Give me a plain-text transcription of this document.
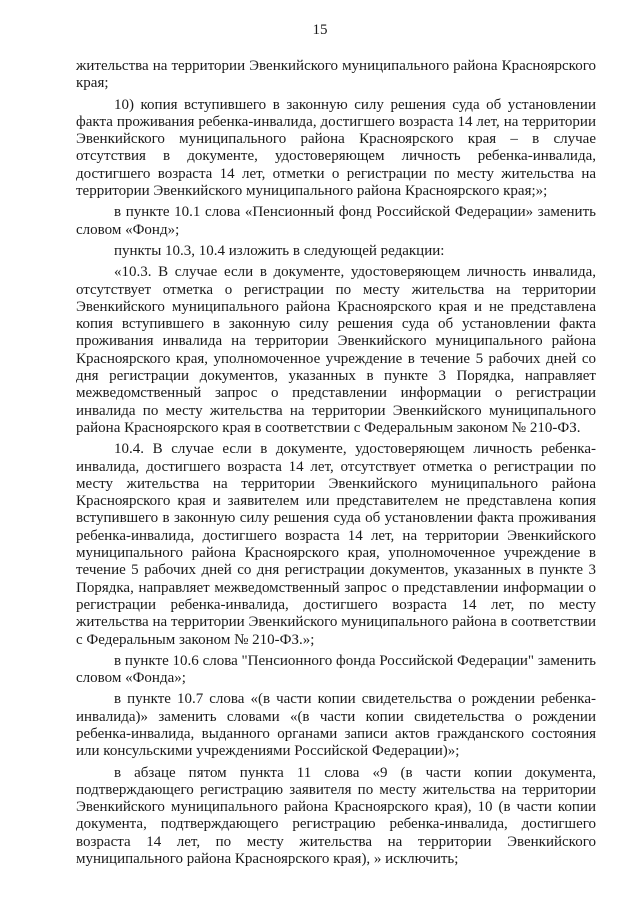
15

жительства на территории Эвенкийского муниципального района Красноярского края;

10) копия вступившего в законную силу решения суда об установлении факта проживания ребенка-инвалида, достигшего возраста 14 лет, на территории Эвенкийского муниципального района Красноярского края – в случае отсутствия в документе, удостоверяющем личность ребенка-инвалида, достигшего возраста 14 лет, отметки о регистрации по месту жительства на территории Эвенкийского муниципального района Красноярского края;»;

в пункте 10.1 слова «Пенсионный фонд Российской Федерации» заменить словом «Фонд»;

пункты 10.3, 10.4 изложить в следующей редакции:

«10.3. В случае если в документе, удостоверяющем личность инвалида, отсутствует отметка о регистрации по месту жительства на территории Эвенкийского муниципального района Красноярского края и не представлена копия вступившего в законную силу решения суда об установлении факта проживания инвалида на территории Эвенкийского муниципального района Красноярского края, уполномоченное учреждение в течение 5 рабочих дней со дня регистрации документов, указанных в пункте 3 Порядка, направляет межведомственный запрос о представлении информации о регистрации инвалида по месту жительства на территории Эвенкийского муниципального района Красноярского края в соответствии с Федеральным законом № 210-ФЗ.

10.4. В случае если в документе, удостоверяющем личность ребенка-инвалида, достигшего возраста 14 лет, отсутствует отметка о регистрации по месту жительства на территории Эвенкийского муниципального района Красноярского края и заявителем или представителем не представлена копия вступившего в законную силу решения суда об установлении факта проживания ребенка-инвалида, достигшего возраста 14 лет, на территории Эвенкийского муниципального района Красноярского края, уполномоченное учреждение в течение 5 рабочих дней со дня регистрации документов, указанных в пункте 3 Порядка, направляет межведомственный запрос о представлении информации о регистрации ребенка-инвалида, достигшего возраста 14 лет, по месту жительства на территории Эвенкийского муниципального района в соответствии с Федеральным законом № 210-ФЗ.»;

в пункте 10.6 слова "Пенсионного фонда Российской Федерации" заменить словом «Фонда»;

в пункте 10.7 слова «(в части копии свидетельства о рождении ребенка-инвалида)» заменить словами «(в части копии свидетельства о рождении ребенка-инвалида, выданного органами записи актов гражданского состояния или консульскими учреждениями Российской Федерации)»;

в абзаце пятом пункта 11 слова «9 (в части копии документа, подтверждающего регистрацию заявителя по месту жительства на территории Эвенкийского муниципального района Красноярского края), 10 (в части копии документа, подтверждающего регистрацию ребенка-инвалида, достигшего возраста 14 лет, по месту жительства на территории Эвенкийского муниципального района Красноярского края), » исключить;
